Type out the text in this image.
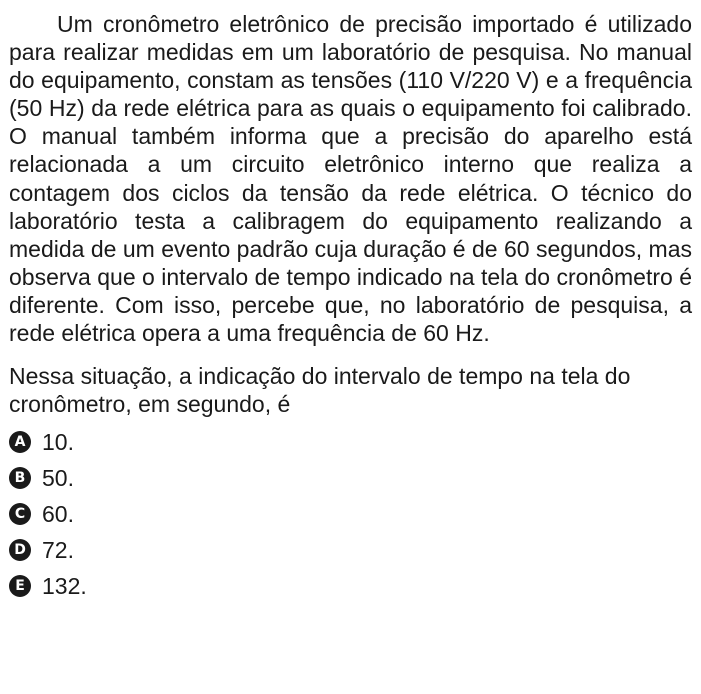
Um cronômetro eletrônico de precisão importado é utilizado para realizar medidas em um laboratório de pesquisa. No manual do equipamento, constam as tensões (110 V/220 V) e a frequência (50 Hz) da rede elétrica para as quais o equipamento foi calibrado. O manual também informa que a precisão do aparelho está relacionada a um circuito eletrônico interno que realiza a contagem dos ciclos da tensão da rede elétrica. O técnico do laboratório testa a calibragem do equipamento realizando a medida de um evento padrão cuja duração é de 60 segundos, mas observa que o intervalo de tempo indicado na tela do cronômetro é diferente. Com isso, percebe que, no laboratório de pesquisa, a rede elétrica opera a uma frequência de 60 Hz.

Nessa situação, a indicação do intervalo de tempo na tela do cronômetro, em segundo, é

A 10.
B 50.
C 60.
D 72.
E 132.
